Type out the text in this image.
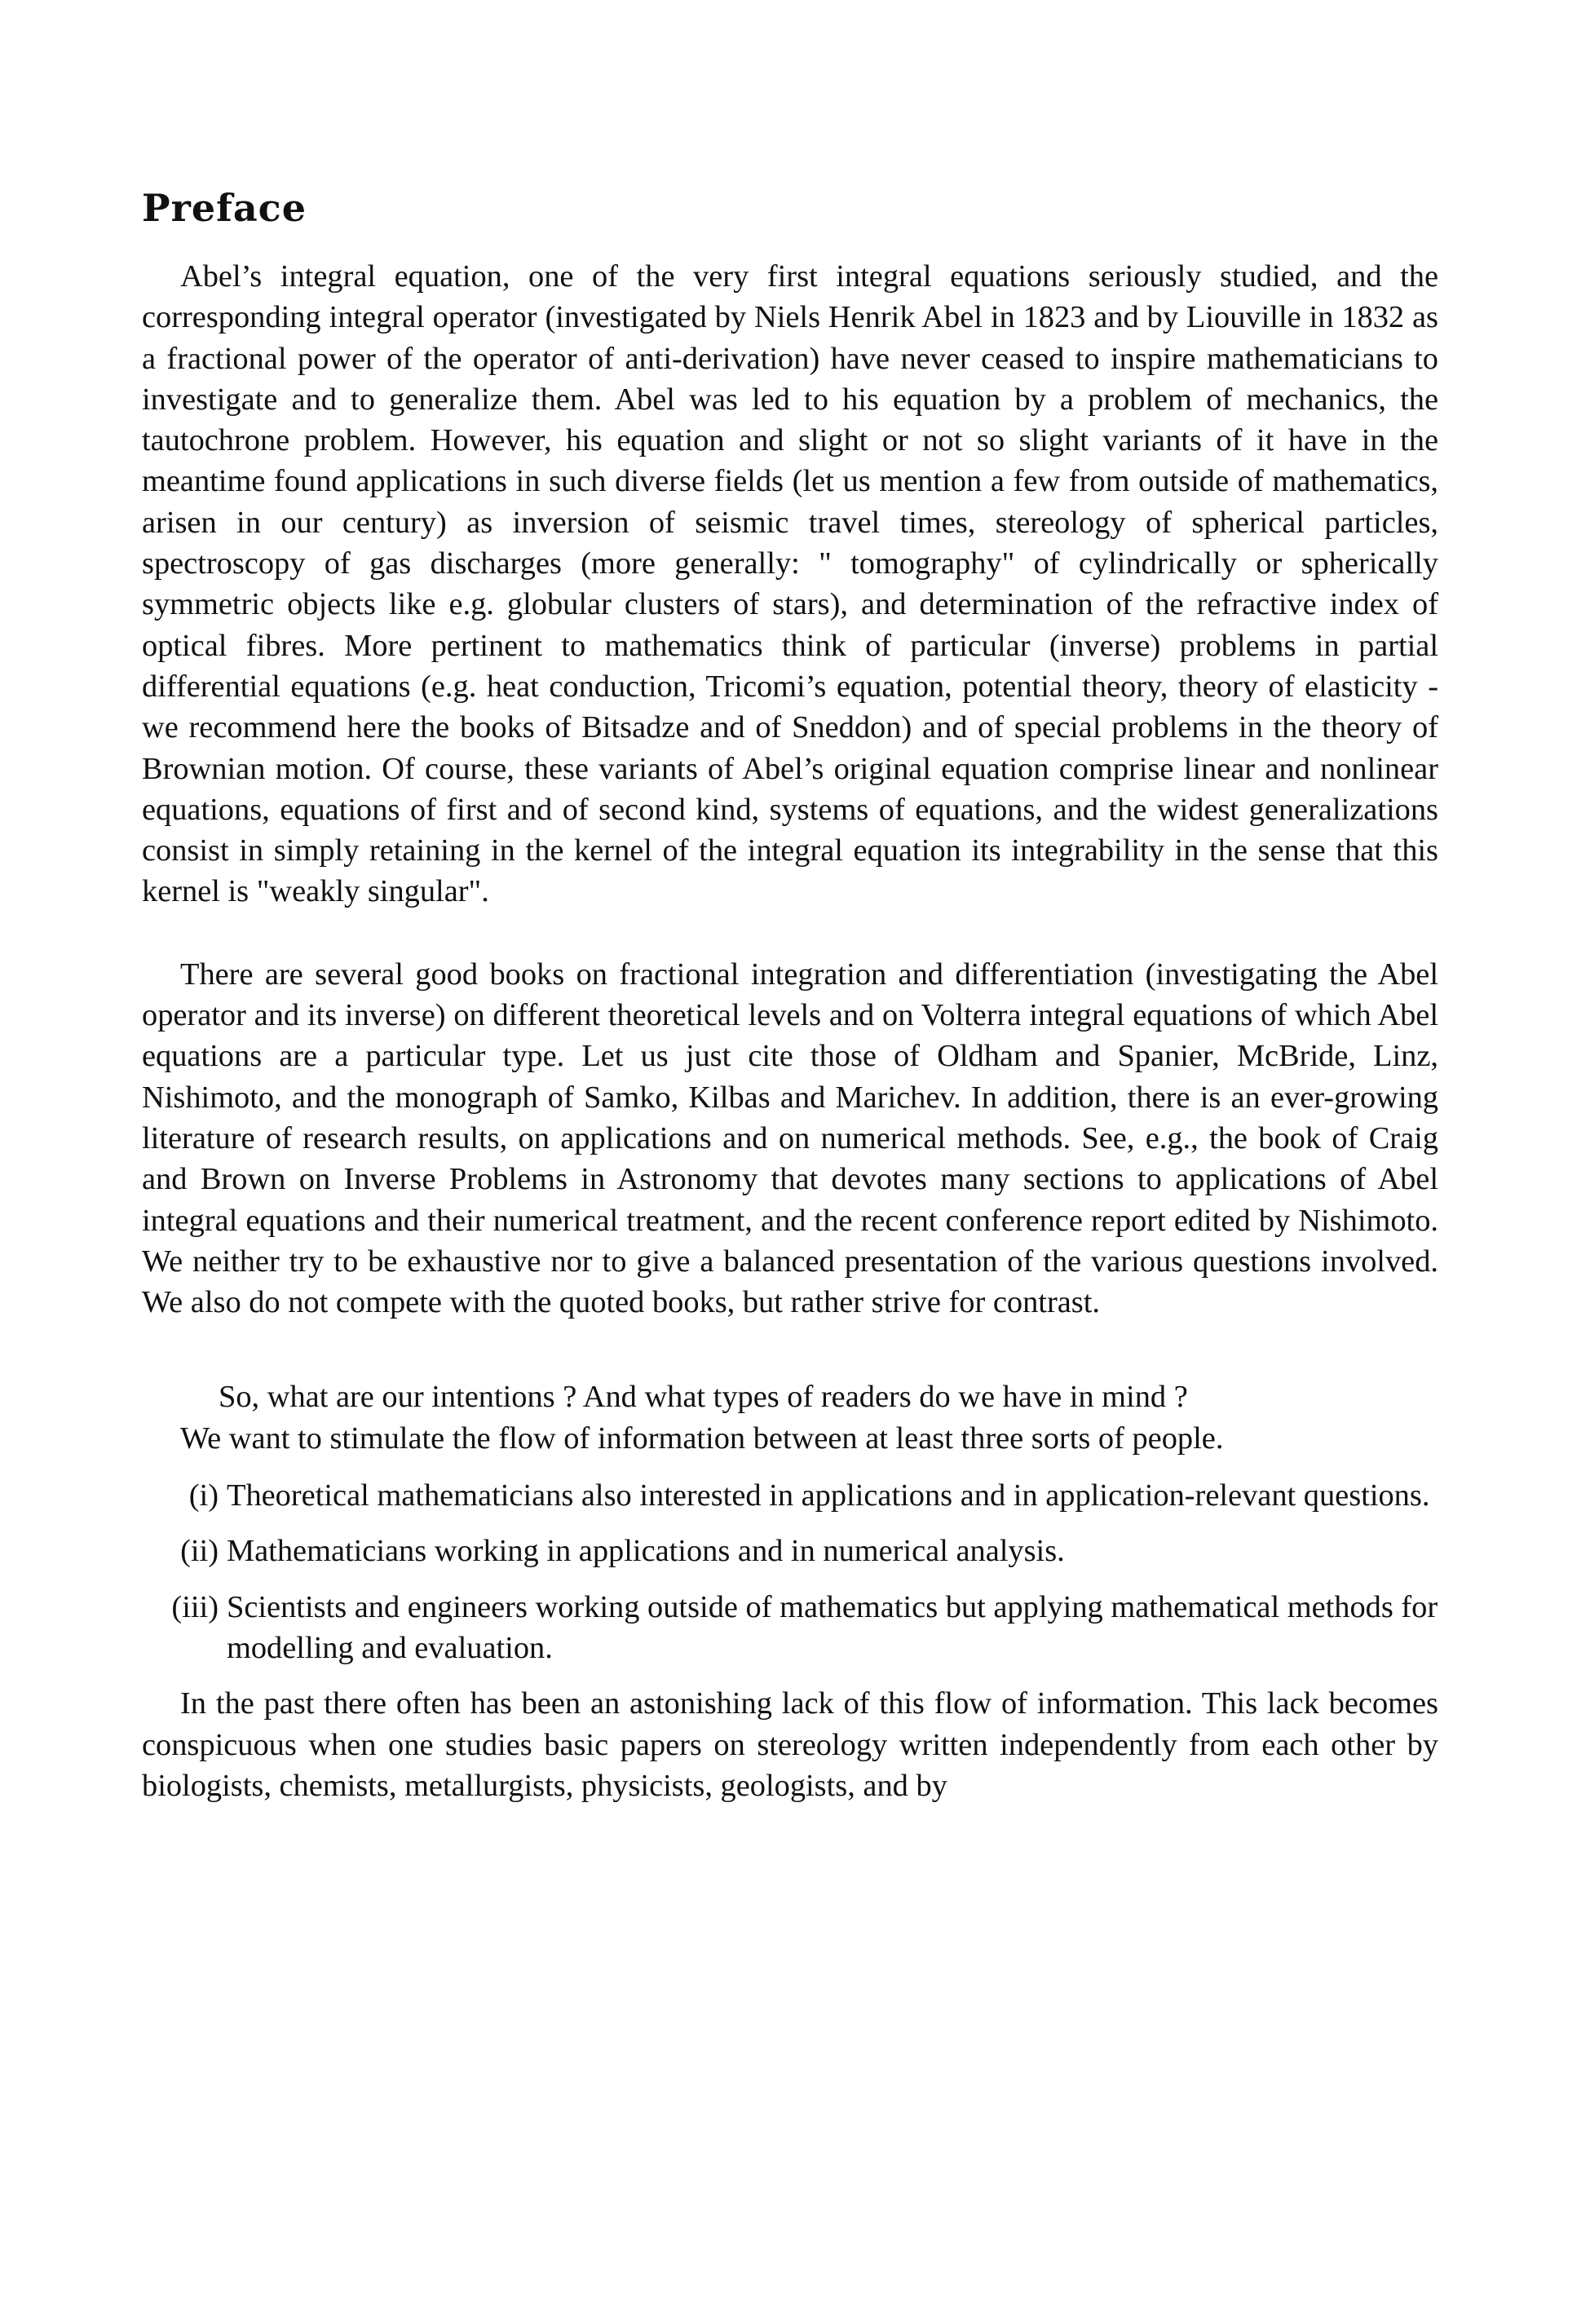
Preface

Abel’s integral equation, one of the very first integral equations seriously studied, and the corresponding integral operator (investigated by Niels Henrik Abel in 1823 and by Liouville in 1832 as a fractional power of the operator of anti-derivation) have never ceased to inspire mathematicians to investigate and to generalize them. Abel was led to his equation by a problem of mechanics, the tautochrone problem. However, his equation and slight or not so slight variants of it have in the meantime found applications in such diverse fields (let us mention a few from outside of mathematics, arisen in our century) as inversion of seismic travel times, stereology of spherical particles, spectroscopy of gas discharges (more generally: " tomography" of cylindrically or spherically symmetric objects like e.g. globular clusters of stars), and determination of the refractive index of optical fibres. More pertinent to mathematics think of particular (inverse) problems in partial differential equations (e.g. heat conduction, Tricomi’s equation, potential theory, theory of elasticity - we recommend here the books of Bitsadze and of Sneddon) and of special problems in the theory of Brownian motion. Of course, these variants of Abel’s original equation comprise linear and nonlinear equations, equations of first and of second kind, systems of equations, and the widest generalizations consist in simply retaining in the kernel of the integral equation its integrability in the sense that this kernel is "weakly singular".

There are several good books on fractional integration and differentiation (investigating the Abel operator and its inverse) on different theoretical levels and on Volterra integral equations of which Abel equations are a particular type. Let us just cite those of Oldham and Spanier, McBride, Linz, Nishimoto, and the monograph of Samko, Kilbas and Marichev. In addition, there is an ever-growing literature of research results, on applications and on numerical methods. See, e.g., the book of Craig and Brown on Inverse Problems in Astronomy that devotes many sections to applications of Abel integral equations and their numerical treatment, and the recent conference report edited by Nishimoto. We neither try to be exhaustive nor to give a balanced presentation of the various questions involved. We also do not compete with the quoted books, but rather strive for contrast.

So, what are our intentions ? And what types of readers do we have in mind ?
We want to stimulate the flow of information between at least three sorts of people.
(i) Theoretical mathematicians also interested in applications and in application-relevant questions.
(ii) Mathematicians working in applications and in numerical analysis.
(iii) Scientists and engineers working outside of mathematics but applying mathematical methods for modelling and evaluation.

In the past there often has been an astonishing lack of this flow of information. This lack becomes conspicuous when one studies basic papers on stereology written independently from each other by biologists, chemists, metallurgists, physicists, geologists, and by
